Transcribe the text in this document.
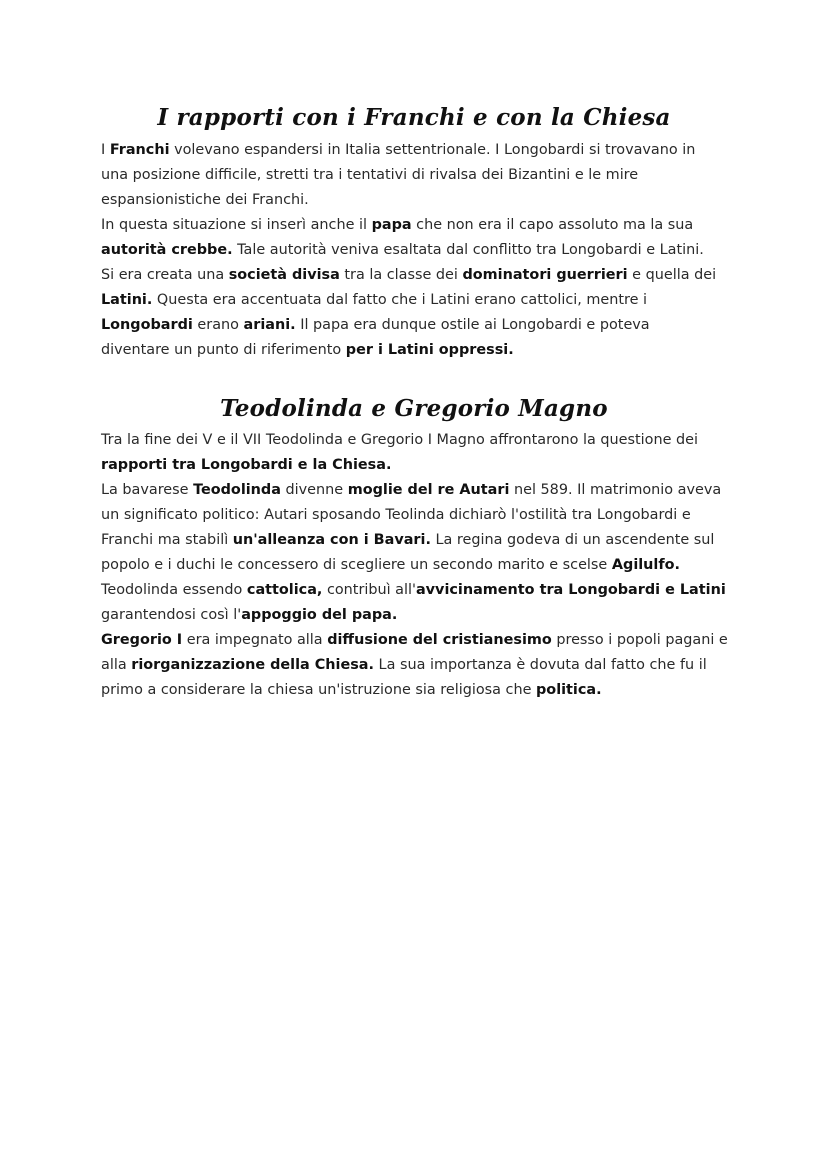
I rapporti con i Franchi e con la Chiesa
I Franchi volevano espandersi in Italia settentrionale. I Longobardi si trovavano in
una posizione difficile, stretti tra i tentativi di rivalsa dei Bizantini e le mire
espansionistiche dei Franchi.
In questa situazione si inserì anche il papa che non era il capo assoluto ma la sua
autorità crebbe. Tale autorità veniva esaltata dal conflitto tra Longobardi e Latini.
Si era creata una società divisa tra la classe dei dominatori guerrieri e quella dei
Latini. Questa era accentuata dal fatto che i Latini erano cattolici, mentre i
Longobardi erano ariani. Il papa era dunque ostile ai Longobardi e poteva
diventare un punto di riferimento per i Latini oppressi.
Teodolinda e Gregorio Magno
Tra la fine dei V e il VII Teodolinda e Gregorio I Magno affrontarono la questione dei
rapporti tra Longobardi e la Chiesa.
La bavarese Teodolinda divenne moglie del re Autari nel 589. Il matrimonio aveva
un significato politico: Autari sposando Teolinda dichiarò l'ostilità tra Longobardi e
Franchi ma stabilì un'alleanza con i Bavari. La regina godeva di un ascendente sul
popolo e i duchi le concessero di scegliere un secondo marito e scelse Agilulfo.
Teodolinda essendo cattolica, contribuì all'avvicinamento tra Longobardi e Latini
garantendosi così l'appoggio del papa.
Gregorio I era impegnato alla diffusione del cristianesimo presso i popoli pagani e
alla riorganizzazione della Chiesa. La sua importanza è dovuta dal fatto che fu il
primo a considerare la chiesa un'istruzione sia religiosa che politica.
